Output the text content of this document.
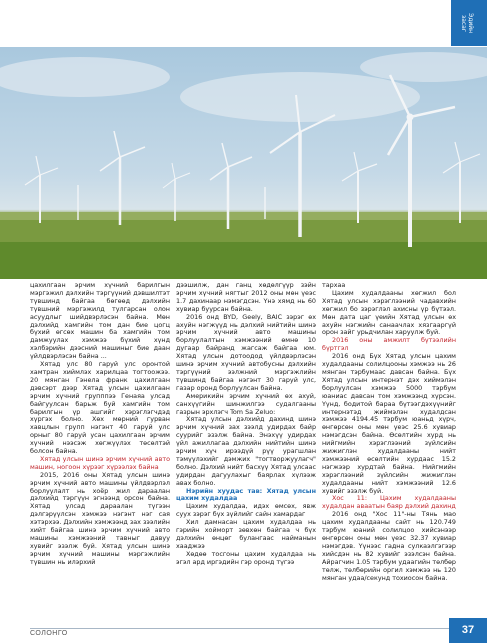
Эдийн засаг

цахилгаан эрчим хүчний барилгын мэргэжил дэлхийн тэргүүний дэвшилтэт түвшинд байгаа бөгөөд дэлхийн түвшний мэргэжилд тулгарсан олон асуудлыг шийдвэрлэсэн байна. Мөн дэлхийд хамгийн том дан бие цогц бүхий өгсөх машин ба хамгийн том дамжуулах хэмжээ бүхий хүнд хэлбэрийн дээсний машиныг бие даан үйлдвэрлэсэн байна ...

Хятад улс 80 гаруй улс оронтой хамтран хиймлэх харилцаа тогтоожээ. 20 мянган Гэнела франк цахилгаан дэвсэрт дээр Хятад улсын цахилгаан эрчим хүчний групппээ Генаяа улсад байгуулсан барьж буй хамгийн том барилгын үр ашгийг хэрэглэгчдэд хүргэх болно. Хөх мөрний гурван хавцлын групп нэгэнт 40 гаруй улс орныг 80 гаруй усан цахилгаан эрчим хүчний нээсэж хөгжүүлэх төсөлтэй болсон байна.

Хятад улсын шинэ эрчим хүчний авто машин, ногоон хүрээг хүрээлэх байна

2015, 2016 оны Хятад улсын шинэ эрчим хүчний авто машины үйлдвэрлэл борлуулалт нь хоёр жил дараалан дэлхийд тэргүүн эгнээнд орсон байна. Хятад улсад дараалан түгээн дэлгэрүүлсэн хэмжээ нэгэнт нэг сая хэтэрхээ. Дэлхийн хэмжээнд зах зээлийн хийт байгаа шинэ эрчим хүчний авто машины хэмжээний тавныг давуу хувийг эзэлж буй. Хятад улсын шинэ эрчим хүчний машины мэргэжлийн түвшин нь илэрхий

дээшилж, дан ганц хөдөлгүүр зэйн эрчим хүчний нягтыг 2012 оны мөн үеэс 1.7 дахинаар нэмэгдсэн. Үнэ хямд нь 60 хувиар буурсан байна.

2016 онд BYD, Geely, BAIC зэрэг өх ахуйн нэгжүүд нь дэлхий нийтийн шинэ эрчим хүчний авто машины борлуулалтын хэмжээний өмнө 10 дугаар байранд жагсаж байгаа юм. Хятад улсын дотоодод үйлдвэрлэсэн шинэ эрчим хүчний автобусны дэлхийн тэргүүний ээлжний мэргэжлийн түвшинд байгаа нэгэнт 30 гаруй улс, газар оронд борлуулсан байна.

Америкийн эрчим хүчний өх ахуй, санхүүгийн шинжилгээ судалгааны газрын эрхлэгч Tom Sa Zeluo:

Хятад улсын дэлхийд дахинд шинэ эрчим хүчний зах зээлд удирдах байр суурийг эзэлж байна. Энэхүү удирдах үйл ажиллагаа дэлхийн нийтийн шинэ эрчим хүч ирээдүй рүү урагшлан тэмүүлэхийг дэмжих "тогтворжуулагч" болно. Дэлхий нийт басхүү Хятад улсаас удирдан дагуулахыг баярлах хүлээж авах болно.

Нэрийн хуудас тав: Хятад улсын цахим худалдаа

Цахим худалдаа, идэх өмсөх, явж суух зэрэг бүх зүйлийг сайн хамардаг

Хил дамнасан цахим худалдаа нь гэрийн хойморт зөвхөн байгаа ч бүх дэлхийн өнцөг булангаас найманын хааджээ

Хөдөө тосгоны цахим худалдаа нь эгэл ард иргэдийн гэр оронд түгээ

тархаа

Цахим худалдааны хөгжил бол Хятад улсын хэрэглээний чадавхийн хөгжил бо зэрэглэл ахисны үр бүтээл. Мөн дата цаг үеийн Хятад улсын өх ахуйн нэгжийн санаачлах хязгааргүй орон зайг урьдчилан харуулж буй.

2016 оны амжилт бүтээлийн бүртгэл

2016 онд Бүх Хятад улсын цахим худалдааны солилцооны хэмжээ нь 26 мянган тэрбумаас давсан байна. Бүх Хятад улсын интернэт дэх хиймэлэн борлуулсан хэмжээ 5000 тэрбум юаниас давсан том хэмжээнд хүрсэн. Үүнд, бодитой бараа бүтээгдэхүүнийг интернэтэд жиймэлэн худалдсан хэмжээ 4194.45 тэрбум юаньд хүрч, өнгөрсөн оны мөн үеэс 25.6 хувиар нэмэгдсэн байна. Өсөлтийн хурд нь нийгмийн хэрэглээний зүйлсийн жижиглэн худалдааны нийт хэмжээний өсөлтийн хурдаас 15.2 нэгжээр хурдтай байна. Нийгмийн хэрэглээний зүйлсийн жижиглэн худалдааны нийт хэмжээний 12.6 хувийг эзэлж буй.

Хос 11: Цахим худалдааны худалдан аваатын баяр дэлхий дахинд

2016 онд "Хос 11"-ны Тянь мао цахим худалдааны сайт нь 120.749 тэрбум юаний солилцоо хийсэнээр өнгөрсөн оны мөн үеэс 32.37 хувиар нэмэгдэв. Үүнээс гадна сулкаэлгэгээр хийсдэн нь 82 хувийг эзэлсэн байна. Айрагчин 1.05 тэрбум удаагийн төлбөр төлж, төлбөрийн оргил хэмжээ нь 120 мянган удаа/секунд тохиосон байна.

СОЛОНГО	37
